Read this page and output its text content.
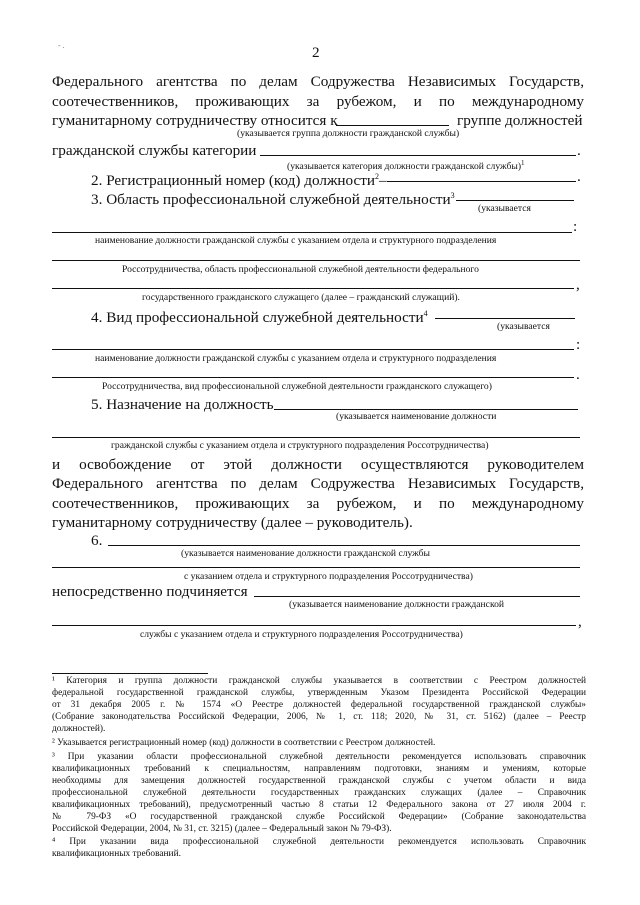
- .	2
Федерального агентства по делам Содружества Независимых Государств,
соотечественников, проживающих за рубежом, и по международному
гуманитарному сотрудничеству относится к	группе должностей
(указывается группа должности гражданской службы)
гражданской службы категории	.
(указывается категория должности гражданской службы)$^1$
2. Регистрационный номер (код) должности$^2$–	.
3. Область профессиональной служебной деятельности$^3$
(указывается
:
наименование должности гражданской службы с указанием отдела и структурного подразделения
Россотрудничества, область профессиональной служебной деятельности федерального
,
государственного гражданского служащего (далее – гражданский служащий).
4. Вид профессиональной служебной деятельности$^4$
(указывается
:
наименование должности гражданской службы с указанием отдела и структурного подразделения
.
Россотрудничества, вид профессиональной служебной деятельности гражданского служащего)
5. Назначение на должность
(указывается наименование должности
гражданской службы с указанием отдела и структурного подразделения Россотрудничества)
и освобождение от этой должности осуществляются руководителем
Федерального агентства по делам Содружества Независимых Государств,
соотечественников, проживающих за рубежом, и по международному
гуманитарному сотрудничеству (далее – руководитель).
6.
(указывается наименование должности гражданской службы
с указанием отдела и структурного подразделения Россотрудничества)
непосредственно подчиняется
(указывается наименование должности гражданской
,
службы с указанием отдела и структурного подразделения Россотрудничества)
¹ Категория и группа должности гражданской службы указывается в соответствии с Реестром должностей
федеральной государственной гражданской службы, утвержденным Указом Президента Российской Федерации
от 31 декабря 2005 г. № 1574 «О Реестре должностей федеральной государственной гражданской службы»
(Собрание законодательства Российской Федерации, 2006, № 1, ст. 118; 2020, № 31, ст. 5162) (далее – Реестр
должностей).
² Указывается регистрационный номер (код) должности в соответствии с Реестром должностей.
³ При указании области профессиональной служебной деятельности рекомендуется использовать справочник
квалификационных требований к специальностям, направлениям подготовки, знаниям и умениям, которые
необходимы для замещения должностей государственной гражданской службы с учетом области и вида
профессиональной служебной деятельности государственных гражданских служащих (далее – Справочник
квалификационных требований), предусмотренный частью 8 статьи 12 Федерального закона от 27 июля 2004 г.
№ 79-ФЗ «О государственной гражданской службе Российской Федерации» (Собрание законодательства
Российской Федерации, 2004, № 31, ст. 3215) (далее – Федеральный закон № 79-ФЗ).
⁴ При указании вида профессиональной служебной деятельности рекомендуется использовать Справочник
квалификационных требований.
